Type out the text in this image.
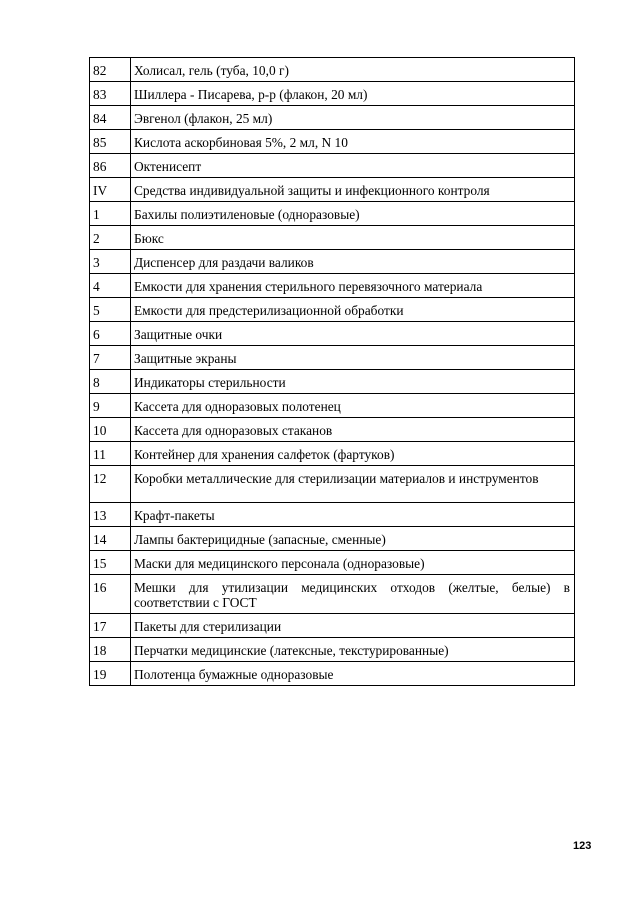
82	Холисал, гель (туба, 10,0 г)
83	Шиллера - Писарева, р-р (флакон, 20 мл)
84	Эвгенол (флакон, 25 мл)
85	Кислота аскорбиновая 5%, 2 мл, N 10
86	Октенисепт
IV	Средства индивидуальной защиты и инфекционного контроля
1	Бахилы полиэтиленовые (одноразовые)
2	Бюкс
3	Диспенсер для раздачи валиков
4	Емкости для хранения стерильного перевязочного материала
5	Емкости для предстерилизационной обработки
6	Защитные очки
7	Защитные экраны
8	Индикаторы стерильности
9	Кассета для одноразовых полотенец
10	Кассета для одноразовых стаканов
11	Контейнер для хранения салфеток (фартуков)
12	Коробки металлические для стерилизации материалов и инструментов
13	Крафт-пакеты
14	Лампы бактерицидные (запасные, сменные)
15	Маски для медицинского персонала (одноразовые)
16	Мешки для утилизации медицинских отходов (желтые, белые) в соответствии с ГОСТ
17	Пакеты для стерилизации
18	Перчатки медицинские (латексные, текстурированные)
19	Полотенца бумажные одноразовые
123
